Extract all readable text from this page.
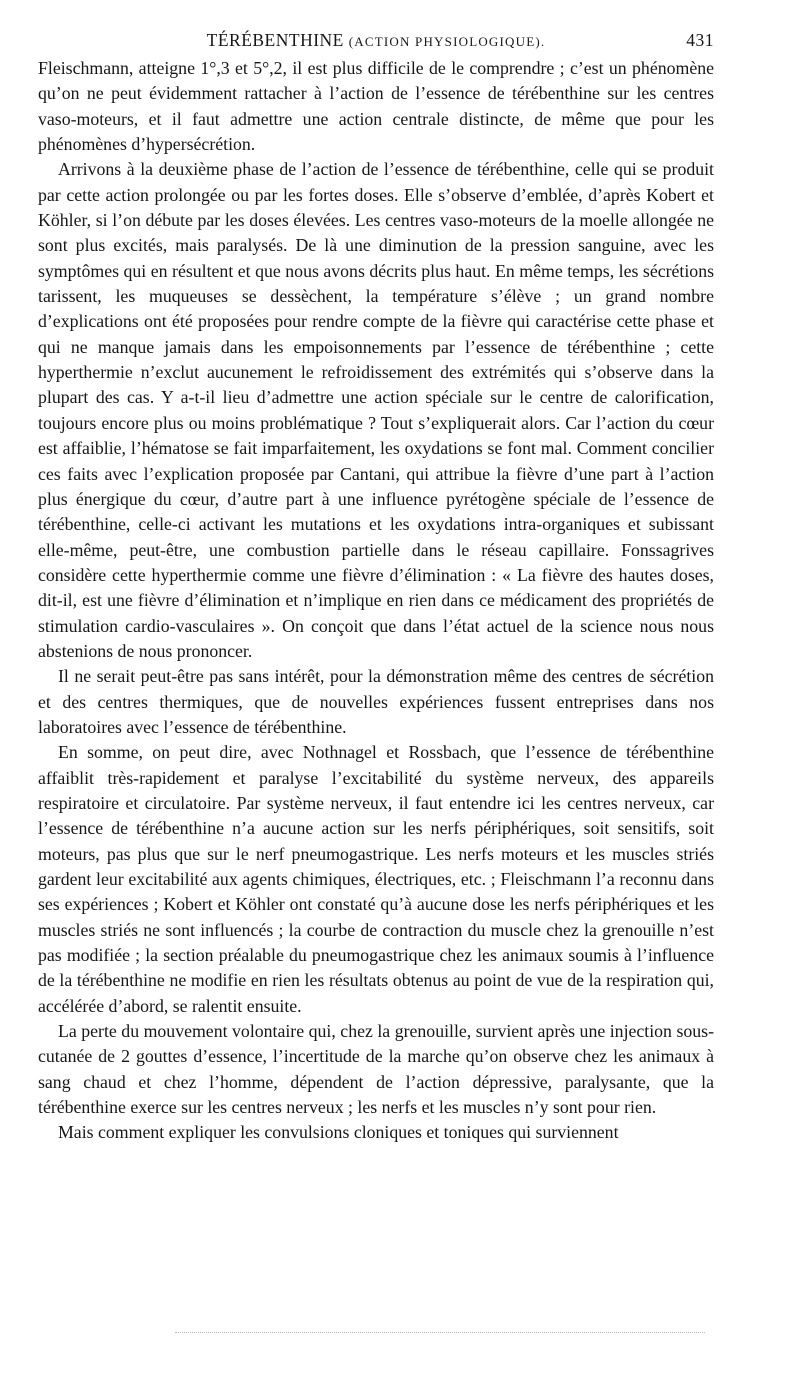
TÉRÉBENTHINE (ACTION PHYSIOLOGIQUE).	431

Fleischmann, atteigne 1°,3 et 5°,2, il est plus difficile de le comprendre ; c’est un phénomène qu’on ne peut évidemment rattacher à l’action de l’essence de térébenthine sur les centres vaso-moteurs, et il faut admettre une action centrale distincte, de même que pour les phénomènes d’hypersécrétion.

Arrivons à la deuxième phase de l’action de l’essence de térébenthine, celle qui se produit par cette action prolongée ou par les fortes doses. Elle s’observe d’emblée, d’après Kobert et Köhler, si l’on débute par les doses élevées. Les centres vaso-moteurs de la moelle allongée ne sont plus excités, mais paralysés. De là une diminution de la pression sanguine, avec les symptômes qui en résultent et que nous avons décrits plus haut. En même temps, les sécrétions tarissent, les muqueuses se dessèchent, la température s’élève ; un grand nombre d’explications ont été proposées pour rendre compte de la fièvre qui caractérise cette phase et qui ne manque jamais dans les empoisonnements par l’essence de térébenthine ; cette hyperthermie n’exclut aucunement le refroidissement des extrémités qui s’observe dans la plupart des cas. Y a-t-il lieu d’admettre une action spéciale sur le centre de calorification, toujours encore plus ou moins problématique ? Tout s’expliquerait alors. Car l’action du cœur est affaiblie, l’hématose se fait imparfaitement, les oxydations se font mal. Comment concilier ces faits avec l’explication proposée par Cantani, qui attribue la fièvre d’une part à l’action plus énergique du cœur, d’autre part à une influence pyrétogène spéciale de l’essence de térébenthine, celle-ci activant les mutations et les oxydations intra-organiques et subissant elle-même, peut-être, une combustion partielle dans le réseau capillaire. Fonssagrives considère cette hyperthermie comme une fièvre d’élimination : « La fièvre des hautes doses, dit-il, est une fièvre d’élimination et n’implique en rien dans ce médicament des propriétés de stimulation cardio-vasculaires ». On conçoit que dans l’état actuel de la science nous nous abstenions de nous prononcer.

Il ne serait peut-être pas sans intérêt, pour la démonstration même des centres de sécrétion et des centres thermiques, que de nouvelles expériences fussent entreprises dans nos laboratoires avec l’essence de térébenthine.

En somme, on peut dire, avec Nothnagel et Rossbach, que l’essence de térébenthine affaiblit très-rapidement et paralyse l’excitabilité du système nerveux, des appareils respiratoire et circulatoire. Par système nerveux, il faut entendre ici les centres nerveux, car l’essence de térébenthine n’a aucune action sur les nerfs périphériques, soit sensitifs, soit moteurs, pas plus que sur le nerf pneumogastrique. Les nerfs moteurs et les muscles striés gardent leur excitabilité aux agents chimiques, électriques, etc. ; Fleischmann l’a reconnu dans ses expériences ; Kobert et Köhler ont constaté qu’à aucune dose les nerfs périphériques et les muscles striés ne sont influencés ; la courbe de contraction du muscle chez la grenouille n’est pas modifiée ; la section préalable du pneumogastrique chez les animaux soumis à l’influence de la térébenthine ne modifie en rien les résultats obtenus au point de vue de la respiration qui, accélérée d’abord, se ralentit ensuite.

La perte du mouvement volontaire qui, chez la grenouille, survient après une injection sous-cutanée de 2 gouttes d’essence, l’incertitude de la marche qu’on observe chez les animaux à sang chaud et chez l’homme, dépendent de l’action dépressive, paralysante, que la térébenthine exerce sur les centres nerveux ; les nerfs et les muscles n’y sont pour rien.

Mais comment expliquer les convulsions cloniques et toniques qui surviennent
